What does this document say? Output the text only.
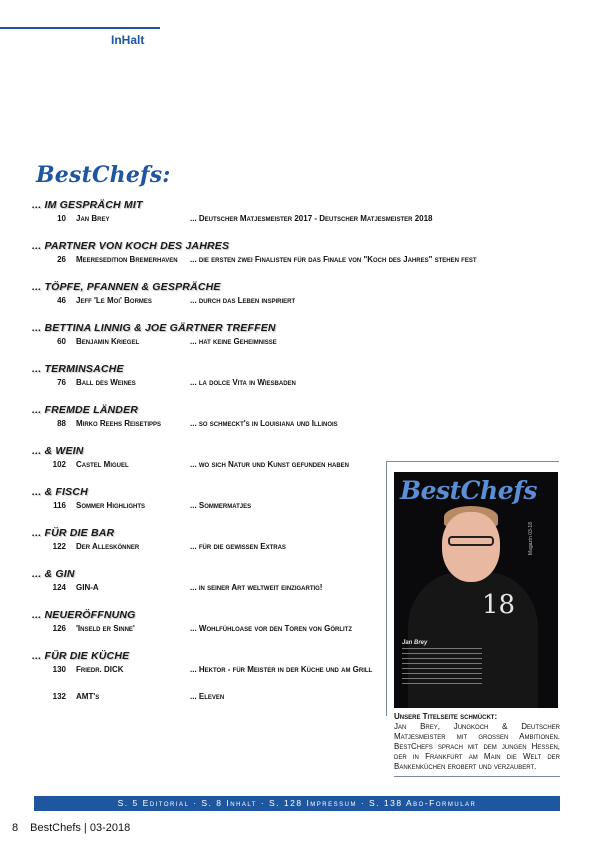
InHalt
BestChefs:
... IM GESPRÄCH MIT
10 Jan Brey	... Deutscher Matjesmeister 2017 - Deutscher Matjesmeister 2018
... PARTNER VON KOCH DES JAHRES
26 Meeresedition Bremerhaven ... die ersten zwei Finalisten für das Finale von "Koch des Jahres" stehen fest
... TÖPFE, PFANNEN & GESPRÄCHE
46 Jeff 'Le Moi' Bormes	... durch das Leben inspiriert
... BETTINA LINNIG & JOE GÄRTNER TREFFEN
60 Benjamin Kriegel	... hat keine Geheimnisse
... TERMINSACHE
76 Ball des Weines	... la dolce Vita in Wiesbaden
... FREMDE LÄNDER
88 Mirko Reehs Reisetipps	... so schmeckt's in Louisiana und Illinois
... & WEIN
102 Castel Miguel	... wo sich Natur und Kunst gefunden haben
... & FISCH
116 Sommer Highlights	... Sommermatjes
... FÜR DIE BAR
122 Der Alleskönner	... für die gewissen Extras
... & GIN
124 GIN-A	... in seiner Art weltweit einzigartig!
... NEUERÖFFNUNG
126 'Inseld er Sinne'	... Wohlfühloase vor den Toren von Görlitz
... FÜR DIE KÜCHE
130 Friedr. DICK	... Hektor - für Meister in der Küche und am Grill
132 AMT's	... Eleven
BestChefs
Magazin 03-18
18
Jan Brey
Unsere Titelseite schmückt:
Jan Brey, Jungkoch & Deutscher Matjesmeister mit grossen Ambitionen. BestChefs sprach mit dem jungen Hessen, der in Frankfurt am Main die Welt der Bankenküchen erobert und verzaubert.
S. 5 Editorial · S. 8 Inhalt · S. 128 Impressum · S. 138 Abo-Formular
8 BestChefs | 03-2018
